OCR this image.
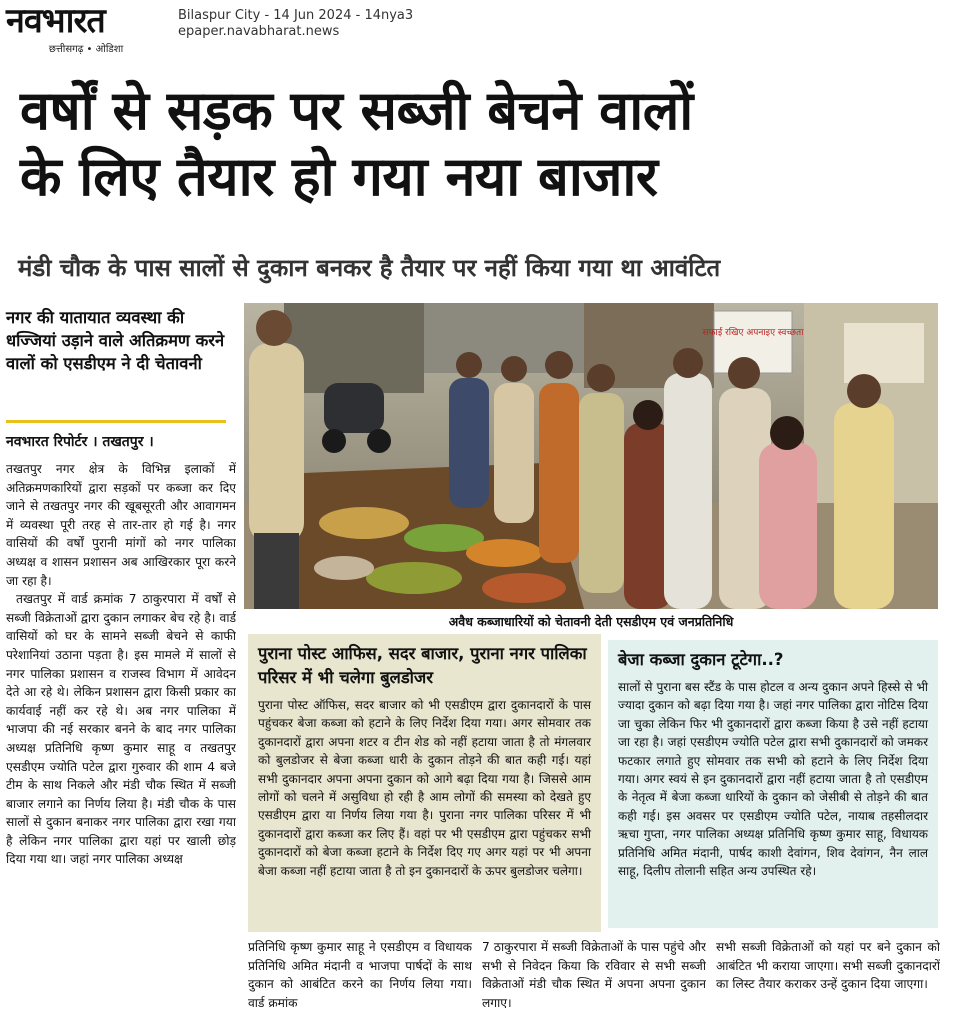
नवभारत
छत्तीसगढ़ • ओडिशा
Bilaspur City - 14 Jun 2024 - 14nya3
epaper.navabharat.news
वर्षों से सड़क पर सब्जी बेचने वालों
के लिए तैयार हो गया नया बाजार
मंडी चौक के पास सालों से दुकान बनकर है तैयार पर नहीं किया गया था आवंटित
नगर की यातायात व्यवस्था की धज्जियां उड़ाने वाले अतिक्रमण करने वालों को एसडीएम ने दी चेतावनी
नवभारत रिपोर्टर । तखतपुर ।

तखतपुर नगर क्षेत्र के विभिन्न इलाकों में अतिक्रमणकारियों द्वारा सड़कों पर कब्जा कर दिए जाने से तखतपुर नगर की खूबसूरती और आवागमन में व्यवस्था पूरी तरह से तार-तार हो गई है। नगर वासियों की वर्षों पुरानी मांगों को नगर पालिका अध्यक्ष व शासन प्रशासन अब आखिरकार पूरा करने जा रहा है।

तखतपुर में वार्ड क्रमांक 7 ठाकुरपारा में वर्षों से सब्जी विक्रेताओं द्वारा दुकान लगाकर बेच रहे है। वार्ड वासियों को घर के सामने सब्जी बेचने से काफी परेशानियां उठाना पड़ता है। इस मामले में सालों से नगर पालिका प्रशासन व राजस्व विभाग में आवेदन देते आ रहे थे। लेकिन प्रशासन द्वारा किसी प्रकार का कार्यवाई नहीं कर रहे थे। अब नगर पालिका में भाजपा की नई सरकार बनने के बाद नगर पालिका अध्यक्ष प्रतिनिधि कृष्ण कुमार साहू व तखतपुर एसडीएम ज्योति पटेल द्वारा गुरुवार की शाम 4 बजे टीम के साथ निकले और मंडी चौक स्थित में सब्जी बाजार लगाने का निर्णय लिया है। मंडी चौक के पास सालों से दुकान बनाकर नगर पालिका द्वारा रखा गया है लेकिन नगर पालिका द्वारा यहां पर खाली छोड़ दिया गया था। जहां नगर पालिका अध्यक्ष

सफाई रखिए अपनाइए स्वच्छता
अवैध कब्जाधारियों को चेतावनी देती एसडीएम एवं जनप्रतिनिधि
पुराना पोस्ट आफिस, सदर बाजार, पुराना नगर पालिका परिसर में भी चलेगा बुलडोजर

पुराना पोस्ट ऑफिस, सदर बाजार को भी एसडीएम द्वारा दुकानदारों के पास पहुंचकर बेजा कब्जा को हटाने के लिए निर्देश दिया गया। अगर सोमवार तक दुकानदारों द्वारा अपना शटर व टीन शेड को नहीं हटाया जाता है तो मंगलवार को बुलडोजर से बेजा कब्जा धारी के दुकान तोड़ने की बात कही गई। यहां सभी दुकानदार अपना अपना दुकान को आगे बढ़ा दिया गया है। जिससे आम लोगों को चलने में असुविधा हो रही है आम लोगों की समस्या को देखते हुए एसडीएम द्वारा या निर्णय लिया गया है। पुराना नगर पालिका परिसर में भी दुकानदारों द्वारा कब्जा कर लिए हैं। वहां पर भी एसडीएम द्वारा पहुंचकर सभी दुकानदारों को बेजा कब्जा हटाने के निर्देश दिए गए अगर यहां पर भी अपना बेजा कब्जा नहीं हटाया जाता है तो इन दुकानदारों के ऊपर बुलडोजर चलेगा।

बेजा कब्जा दुकान टूटेगा..?

सालों से पुराना बस स्टैंड के पास होटल व अन्य दुकान अपने हिस्से से भी ज्यादा दुकान को बढ़ा दिया गया है। जहां नगर पालिका द्वारा नोटिस दिया जा चुका लेकिन फिर भी दुकानदारों द्वारा कब्जा किया है उसे नहीं हटाया जा रहा है। जहां एसडीएम ज्योति पटेल द्वारा सभी दुकानदारों को जमकर फटकार लगाते हुए सोमवार तक सभी को हटाने के लिए निर्देश दिया गया। अगर स्वयं से इन दुकानदारों द्वारा नहीं हटाया जाता है तो एसडीएम के नेतृत्व में बेजा कब्जा धारियों के दुकान को जेसीबी से तोड़ने की बात कही गई। इस अवसर पर एसडीएम ज्योति पटेल, नायाब तहसीलदार ऋचा गुप्ता, नगर पालिका अध्यक्ष प्रतिनिधि कृष्ण कुमार साहू, विधायक प्रतिनिधि अमित मंदानी, पार्षद काशी देवांगन, शिव देवांगन, नैन लाल साहू, दिलीप तोलानी सहित अन्य उपस्थित रहे।

प्रतिनिधि कृष्ण कुमार साहू ने एसडीएम व विधायक प्रतिनिधि अमित मंदानी व भाजपा पार्षदों के साथ दुकान को आबंटित करने का निर्णय लिया गया। वार्ड क्रमांक

7 ठाकुरपारा में सब्जी विक्रेताओं के पास पहुंचे और सभी से निवेदन किया कि रविवार से सभी सब्जी विक्रेताओं मंडी चौक स्थित में अपना अपना दुकान लगाए।

सभी सब्जी विक्रेताओं को यहां पर बने दुकान को आबंटित भी कराया जाएगा। सभी सब्जी दुकानदारों का लिस्ट तैयार कराकर उन्हें दुकान दिया जाएगा।
